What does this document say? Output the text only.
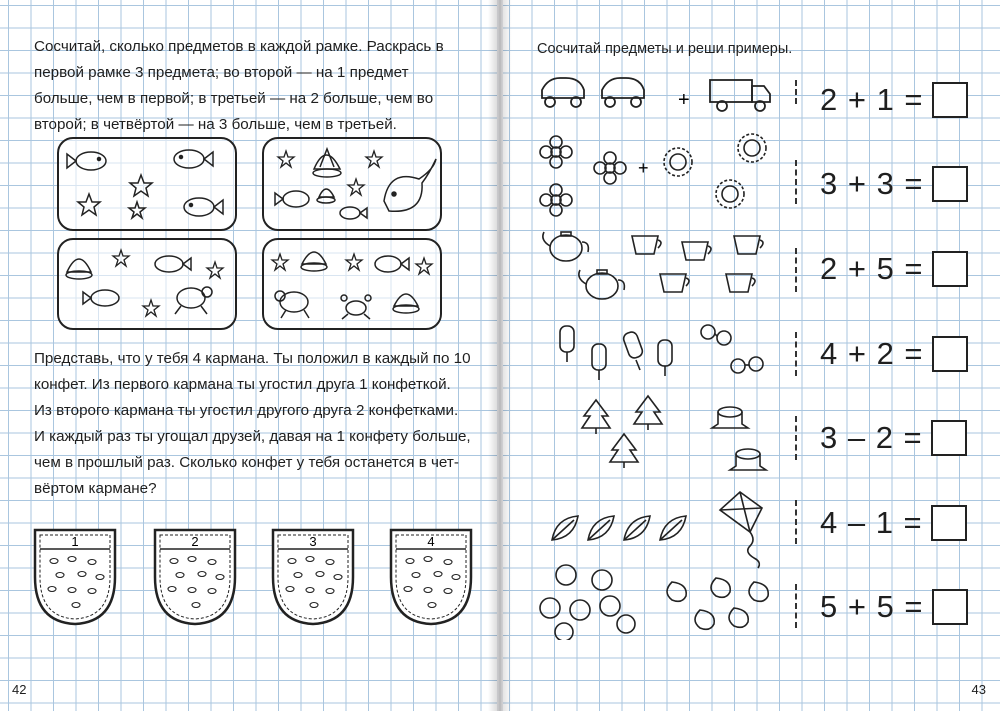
Сосчитай, сколько предметов в каждой рамке. Раскрась в
первой рамке 3 предмета; во второй — на 1 предмет
больше, чем в первой; в третьей — на 2 больше, чем во
второй; в четвёртой — на 3 больше, чем в третьей.
Представь, что у тебя 4 кармана. Ты положил в каждый по 10
конфет. Из первого кармана ты угостил друга 1 конфеткой.
Из второго кармана ты угостил другого друга 2 конфетками.
И каждый раз ты угощал друзей, давая на 1 конфету больше,
чем в прошлый раз. Сколько конфет у тебя останется в чет-
вёртом кармане?
1	2	3	4
42
Сосчитай предметы и реши примеры.
43
+
+
2 + 1 =
3 + 3 =
2 + 5 =
4 + 2 =
3 – 2 =
4 – 1 =
5 + 5 =
